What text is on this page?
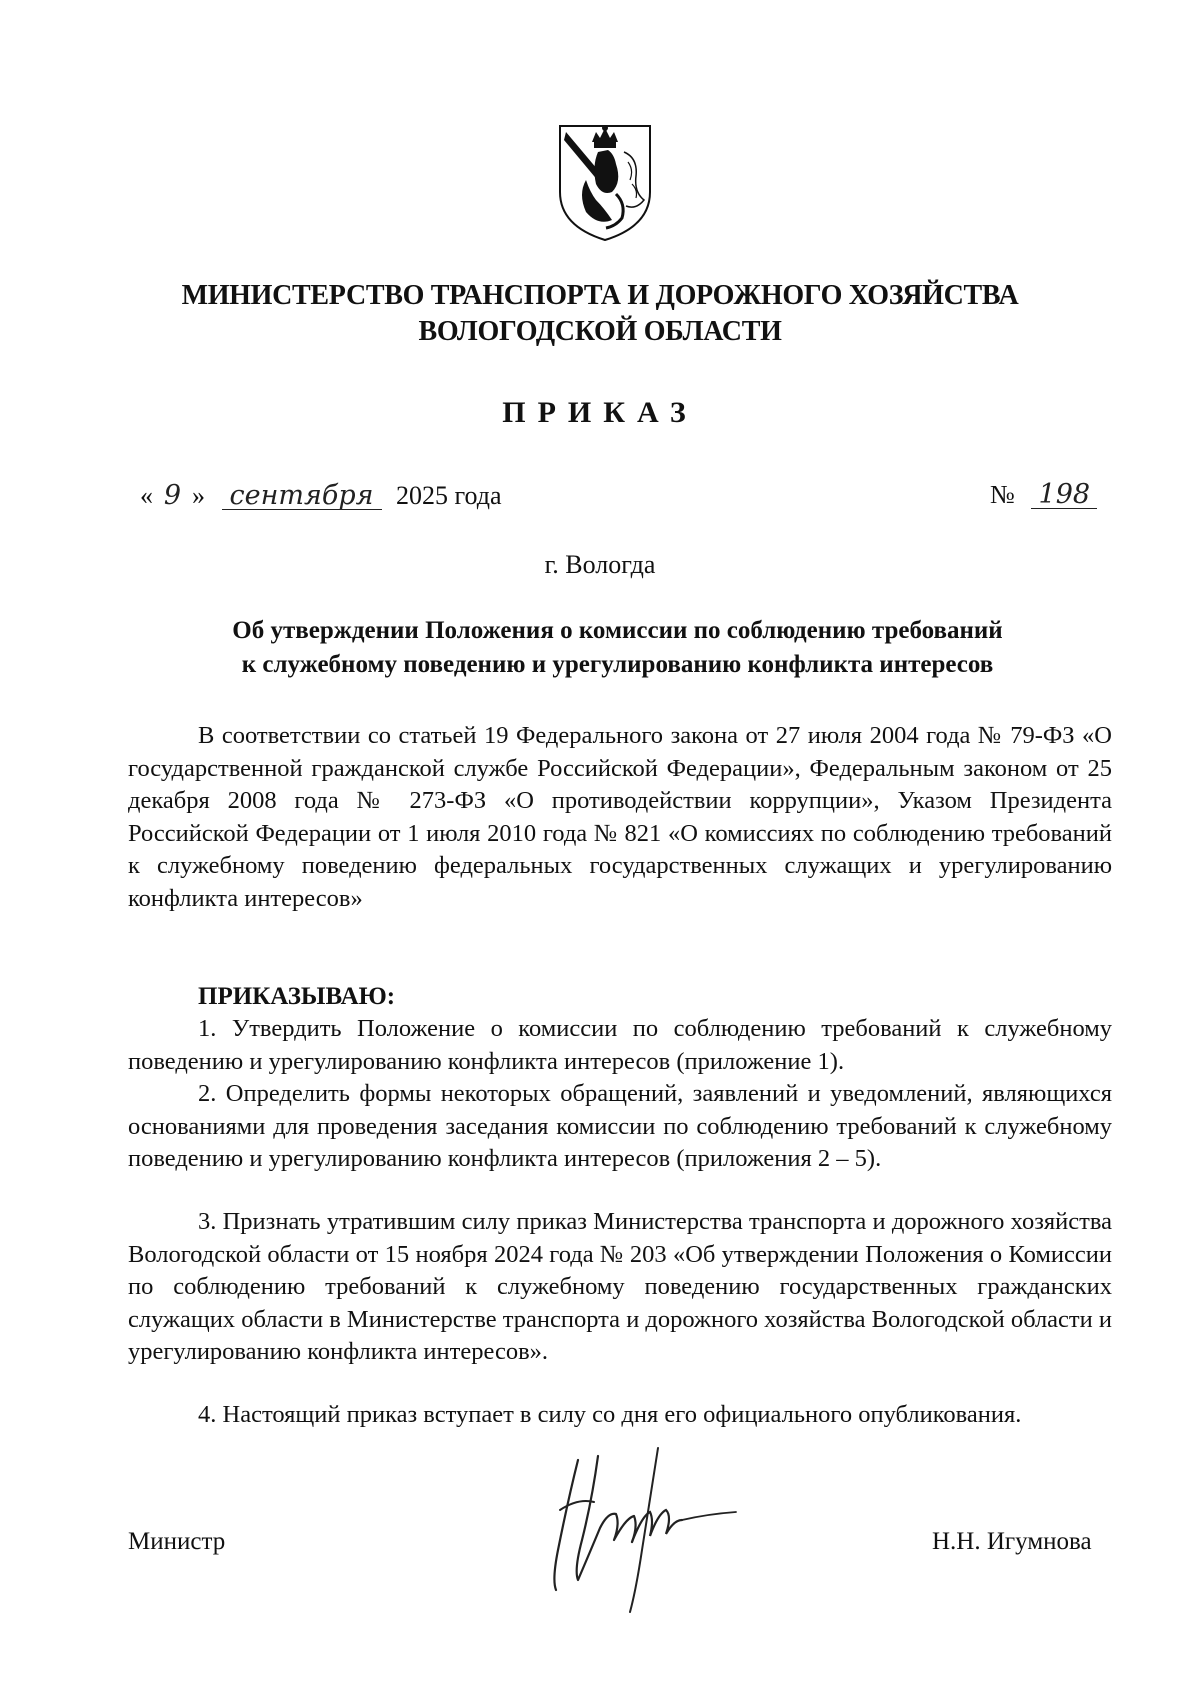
МИНИСТЕРСТВО ТРАНСПОРТА И ДОРОЖНОГО ХОЗЯЙСТВА
ВОЛОГОДСКОЙ ОБЛАСТИ
ПРИКАЗ
« 9 » сентября 2025 года	№ 198
г. Вологда
Об утверждении Положения о комиссии по соблюдению требований
к служебному поведению и урегулированию конфликта интересов

В соответствии со статьей 19 Федерального закона от 27 июля 2004 года № 79-ФЗ «О государственной гражданской службе Российской Федерации», Федеральным законом от 25 декабря 2008 года № 273-ФЗ «О противодействии коррупции», Указом Президента Российской Федерации от 1 июля 2010 года № 821 «О комиссиях по соблюдению требований к служебному поведению федеральных государственных служащих и урегулированию конфликта интересов»

ПРИКАЗЫВАЮ:

1. Утвердить Положение о комиссии по соблюдению требований к служебному поведению и урегулированию конфликта интересов (приложение 1).

2. Определить формы некоторых обращений, заявлений и уведомлений, являющихся основаниями для проведения заседания комиссии по соблюдению требований к служебному поведению и урегулированию конфликта интересов (приложения 2 – 5).

3. Признать утратившим силу приказ Министерства транспорта и дорожного хозяйства Вологодской области от 15 ноября 2024 года № 203 «Об утверждении Положения о Комиссии по соблюдению требований к служебному поведению государственных гражданских служащих области в Министерстве транспорта и дорожного хозяйства Вологодской области и урегулированию конфликта интересов».

4. Настоящий приказ вступает в силу со дня его официального опубликования.

Министр	Н.Н. Игумнова
